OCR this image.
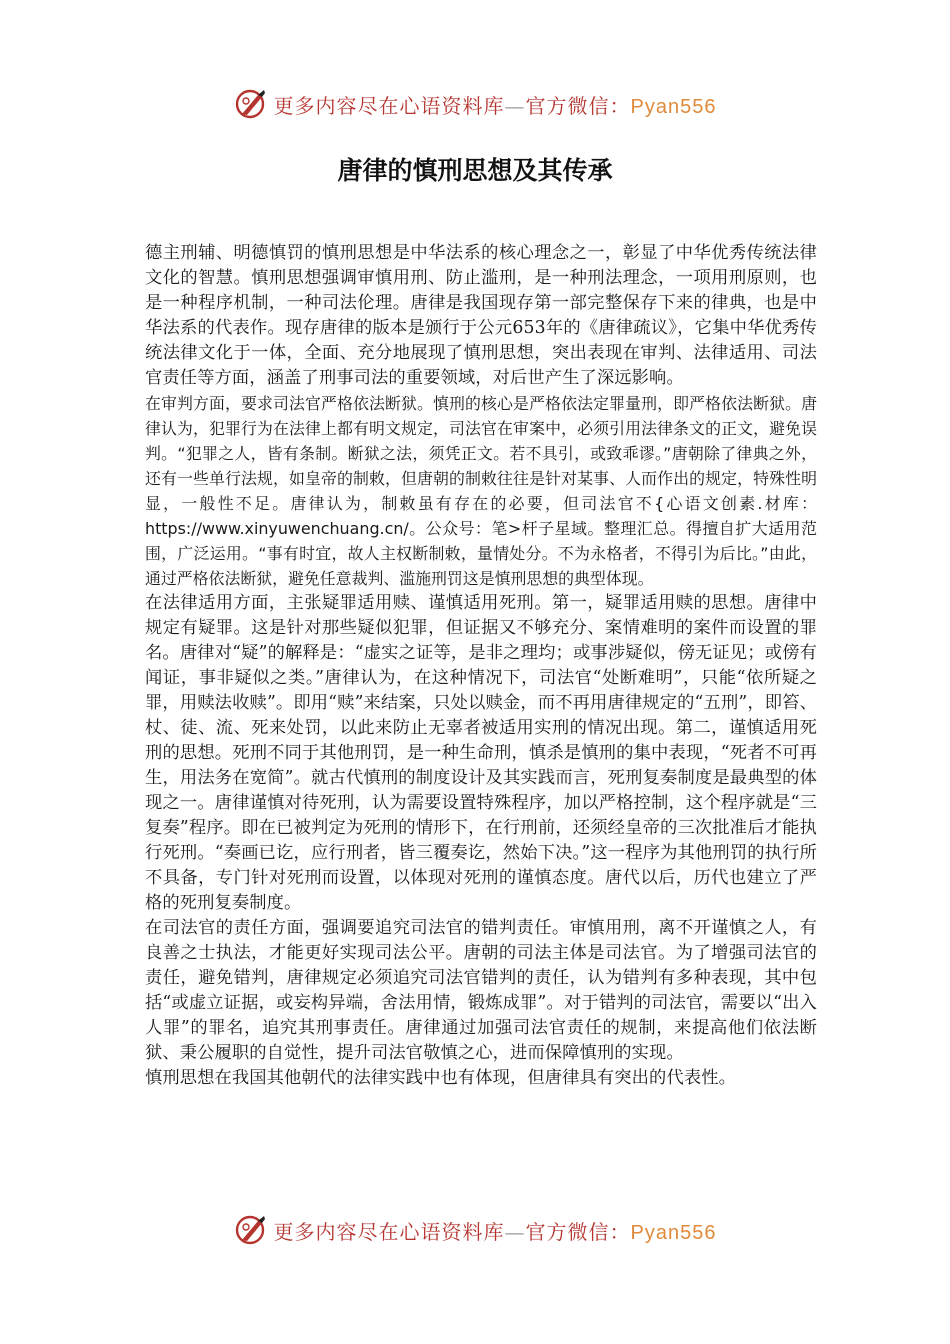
更多内容尽在心语资料库—官方微信：Pyan556
唐律的慎刑思想及其传承

德主刑辅、明德慎罚的慎刑思想是中华法系的核心理念之一，彰显了中华优秀传统法律文化的智慧。慎刑思想强调审慎用刑、防止滥刑，是一种刑法理念，一项用刑原则，也是一种程序机制，一种司法伦理。唐律是我国现存第一部完整保存下来的律典，也是中华法系的代表作。现存唐律的版本是颁行于公元653年的《唐律疏议》，它集中华优秀传统法律文化于一体，全面、充分地展现了慎刑思想，突出表现在审判、法律适用、司法官责任等方面，涵盖了刑事司法的重要领域，对后世产生了深远影响。

在审判方面，要求司法官严格依法断狱。慎刑的核心是严格依法定罪量刑，即严格依法断狱。唐律认为，犯罪行为在法律上都有明文规定，司法官在审案中，必须引用法律条文的正文，避免误判。“犯罪之人，皆有条制。断狱之法，须凭正文。若不具引，或致乖谬。”唐朝除了律典之外，还有一些单行法规，如皇帝的制敕，但唐朝的制敕往往是针对某事、人而作出的规定，特殊性明显，一般性不足。唐律认为，制敕虽有存在的必要，但司法官不{心语文创素.材库：https://www.xinyuwenchuang.cn/。公众号：笔>杆子星域。整理汇总。得擅自扩大适用范围，广泛运用。“事有时宜，故人主权断制敕，量情处分。不为永格者，不得引为后比。”由此，通过严格依法断狱，避免任意裁判、滥施刑罚这是慎刑思想的典型体现。

在法律适用方面，主张疑罪适用赎、谨慎适用死刑。第一，疑罪适用赎的思想。唐律中规定有疑罪。这是针对那些疑似犯罪，但证据又不够充分、案情难明的案件而设置的罪名。唐律对“疑”的解释是：“虚实之证等，是非之理均；或事涉疑似，傍无证见；或傍有闻证，事非疑似之类。”唐律认为，在这种情况下，司法官“处断难明”，只能“依所疑之罪，用赎法收赎”。即用“赎”来结案，只处以赎金，而不再用唐律规定的“五刑”，即笞、杖、徒、流、死来处罚，以此来防止无辜者被适用实刑的情况出现。第二，谨慎适用死刑的思想。死刑不同于其他刑罚，是一种生命刑，慎杀是慎刑的集中表现，“死者不可再生，用法务在宽简”。就古代慎刑的制度设计及其实践而言，死刑复奏制度是最典型的体现之一。唐律谨慎对待死刑，认为需要设置特殊程序，加以严格控制，这个程序就是“三复奏”程序。即在已被判定为死刑的情形下，在行刑前，还须经皇帝的三次批准后才能执行死刑。“奏画已讫，应行刑者，皆三覆奏讫，然始下决。”这一程序为其他刑罚的执行所不具备，专门针对死刑而设置，以体现对死刑的谨慎态度。唐代以后，历代也建立了严格的死刑复奏制度。

在司法官的责任方面，强调要追究司法官的错判责任。审慎用刑，离不开谨慎之人，有良善之士执法，才能更好实现司法公平。唐朝的司法主体是司法官。为了增强司法官的责任，避免错判，唐律规定必须追究司法官错判的责任，认为错判有多种表现，其中包括“或虚立证据，或妄构异端，舍法用情，锻炼成罪”。对于错判的司法官，需要以“出入人罪”的罪名，追究其刑事责任。唐律通过加强司法官责任的规制，来提高他们依法断狱、秉公履职的自觉性，提升司法官敬慎之心，进而保障慎刑的实现。

慎刑思想在我国其他朝代的法律实践中也有体现，但唐律具有突出的代表性。

更多内容尽在心语资料库—官方微信：Pyan556
